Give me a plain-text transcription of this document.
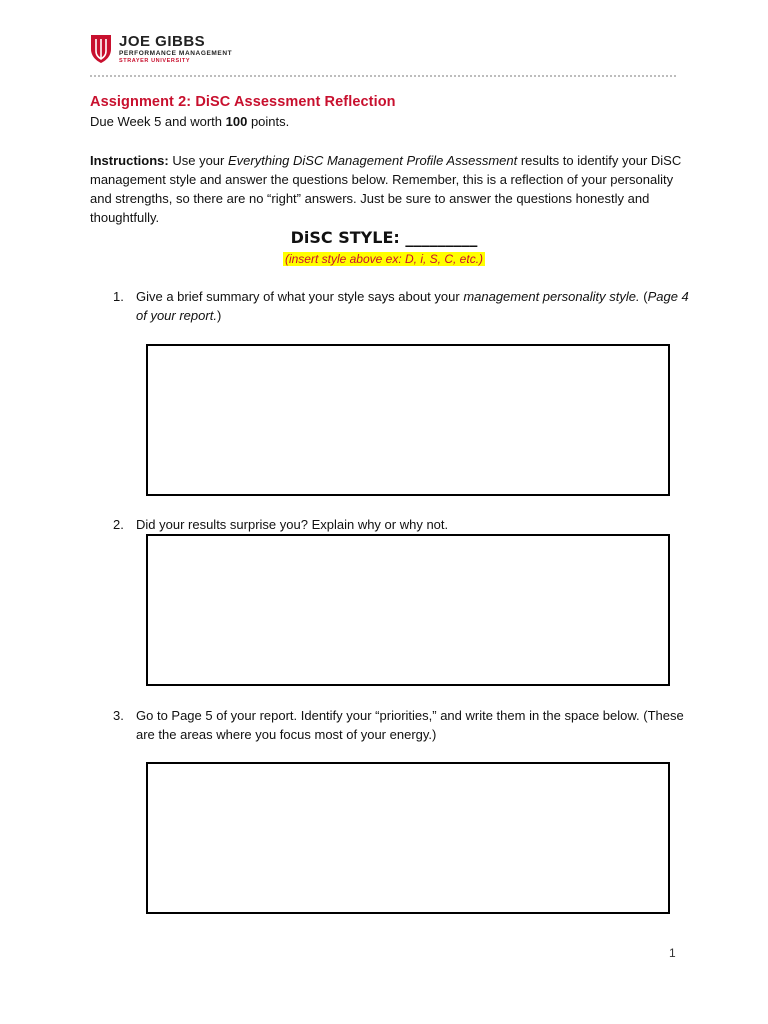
JOE GIBBS
PERFORMANCE MANAGEMENT
STRAYER UNIVERSITY
Assignment 2: DiSC Assessment Reflection
Due Week 5 and worth 100 points.
Instructions: Use your Everything DiSC Management Profile Assessment results to identify your DiSC management style and answer the questions below. Remember, this is a reflection of your personality and strengths, so there are no “right” answers. Just be sure to answer the questions honestly and thoughtfully.
DiSC STYLE: _________
(insert style above ex: D, i, S, C, etc.)
1. Give a brief summary of what your style says about your management personality style. (Page 4 of your report.)
2. Did your results surprise you? Explain why or why not.
3. Go to Page 5 of your report. Identify your “priorities,” and write them in the space below. (These are the areas where you focus most of your energy.)
1
